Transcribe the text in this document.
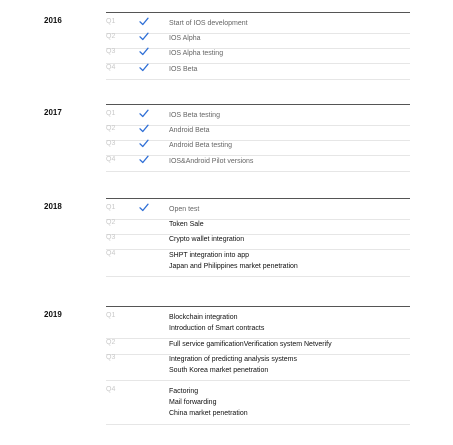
2016	Q1	Start of IOS development
Q2	IOS Alpha
Q3	IOS Alpha testing
Q4	IOS Beta
2017	Q1	IOS Beta testing
Q2	Android Beta
Q3	Android Beta testing
Q4	IOS&Android Pilot versions
2018	Q1	Open test
Q2	Token Sale
Q3	Crypto wallet integration
Q4	SHPT integration into app
Japan and Philippines market penetration
2019	Q1	Blockchain integration
Introduction of Smart contracts
Q2	Full service gamificationVerification system Netverify
Q3	Integration of predicting analysis systems
South Korea market penetration
Q4	Factoring
Mail forwarding
China market penetration
